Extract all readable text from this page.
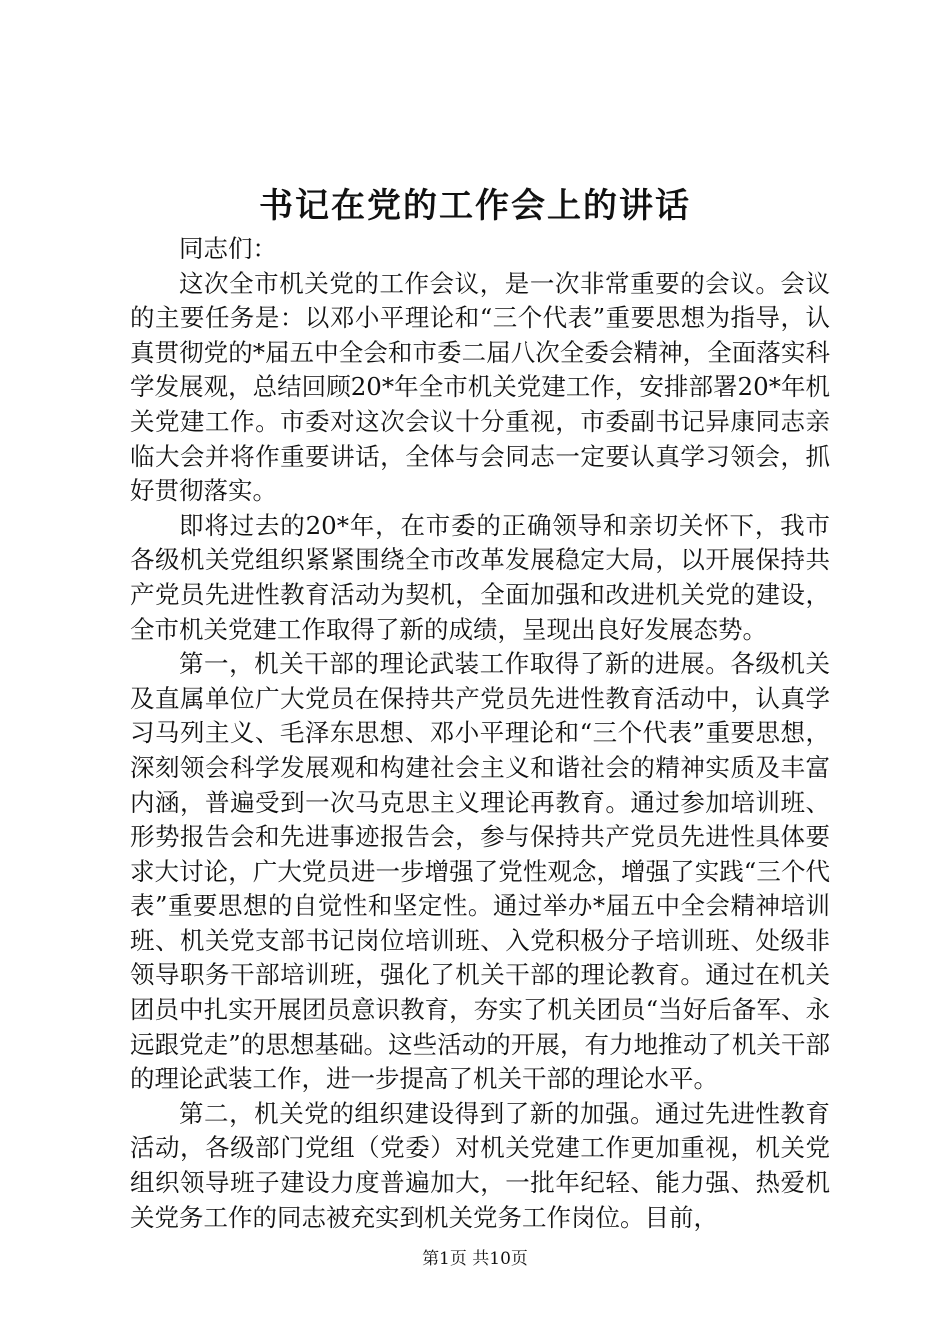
书记在党的工作会上的讲话

同志们：

这次全市机关党的工作会议，是一次非常重要的会议。会议的主要任务是：以邓小平理论和“三个代表”重要思想为指导，认真贯彻党的*届五中全会和市委二届八次全委会精神，全面落实科学发展观，总结回顾20*年全市机关党建工作，安排部署20*年机关党建工作。市委对这次会议十分重视，市委副书记异康同志亲临大会并将作重要讲话，全体与会同志一定要认真学习领会，抓好贯彻落实。

即将过去的20*年，在市委的正确领导和亲切关怀下，我市各级机关党组织紧紧围绕全市改革发展稳定大局，以开展保持共产党员先进性教育活动为契机，全面加强和改进机关党的建设，全市机关党建工作取得了新的成绩，呈现出良好发展态势。

第一，机关干部的理论武装工作取得了新的进展。各级机关及直属单位广大党员在保持共产党员先进性教育活动中，认真学习马列主义、毛泽东思想、邓小平理论和“三个代表”重要思想，深刻领会科学发展观和构建社会主义和谐社会的精神实质及丰富内涵，普遍受到一次马克思主义理论再教育。通过参加培训班、形势报告会和先进事迹报告会，参与保持共产党员先进性具体要求大讨论，广大党员进一步增强了党性观念，增强了实践“三个代表”重要思想的自觉性和坚定性。通过举办*届五中全会精神培训班、机关党支部书记岗位培训班、入党积极分子培训班、处级非领导职务干部培训班，强化了机关干部的理论教育。通过在机关团员中扎实开展团员意识教育，夯实了机关团员“当好后备军、永远跟党走”的思想基础。这些活动的开展，有力地推动了机关干部的理论武装工作，进一步提高了机关干部的理论水平。

第二，机关党的组织建设得到了新的加强。通过先进性教育活动，各级部门党组（党委）对机关党建工作更加重视，机关党组织领导班子建设力度普遍加大，一批年纪轻、能力强、热爱机关党务工作的同志被充实到机关党务工作岗位。目前，

第1页 共10页
